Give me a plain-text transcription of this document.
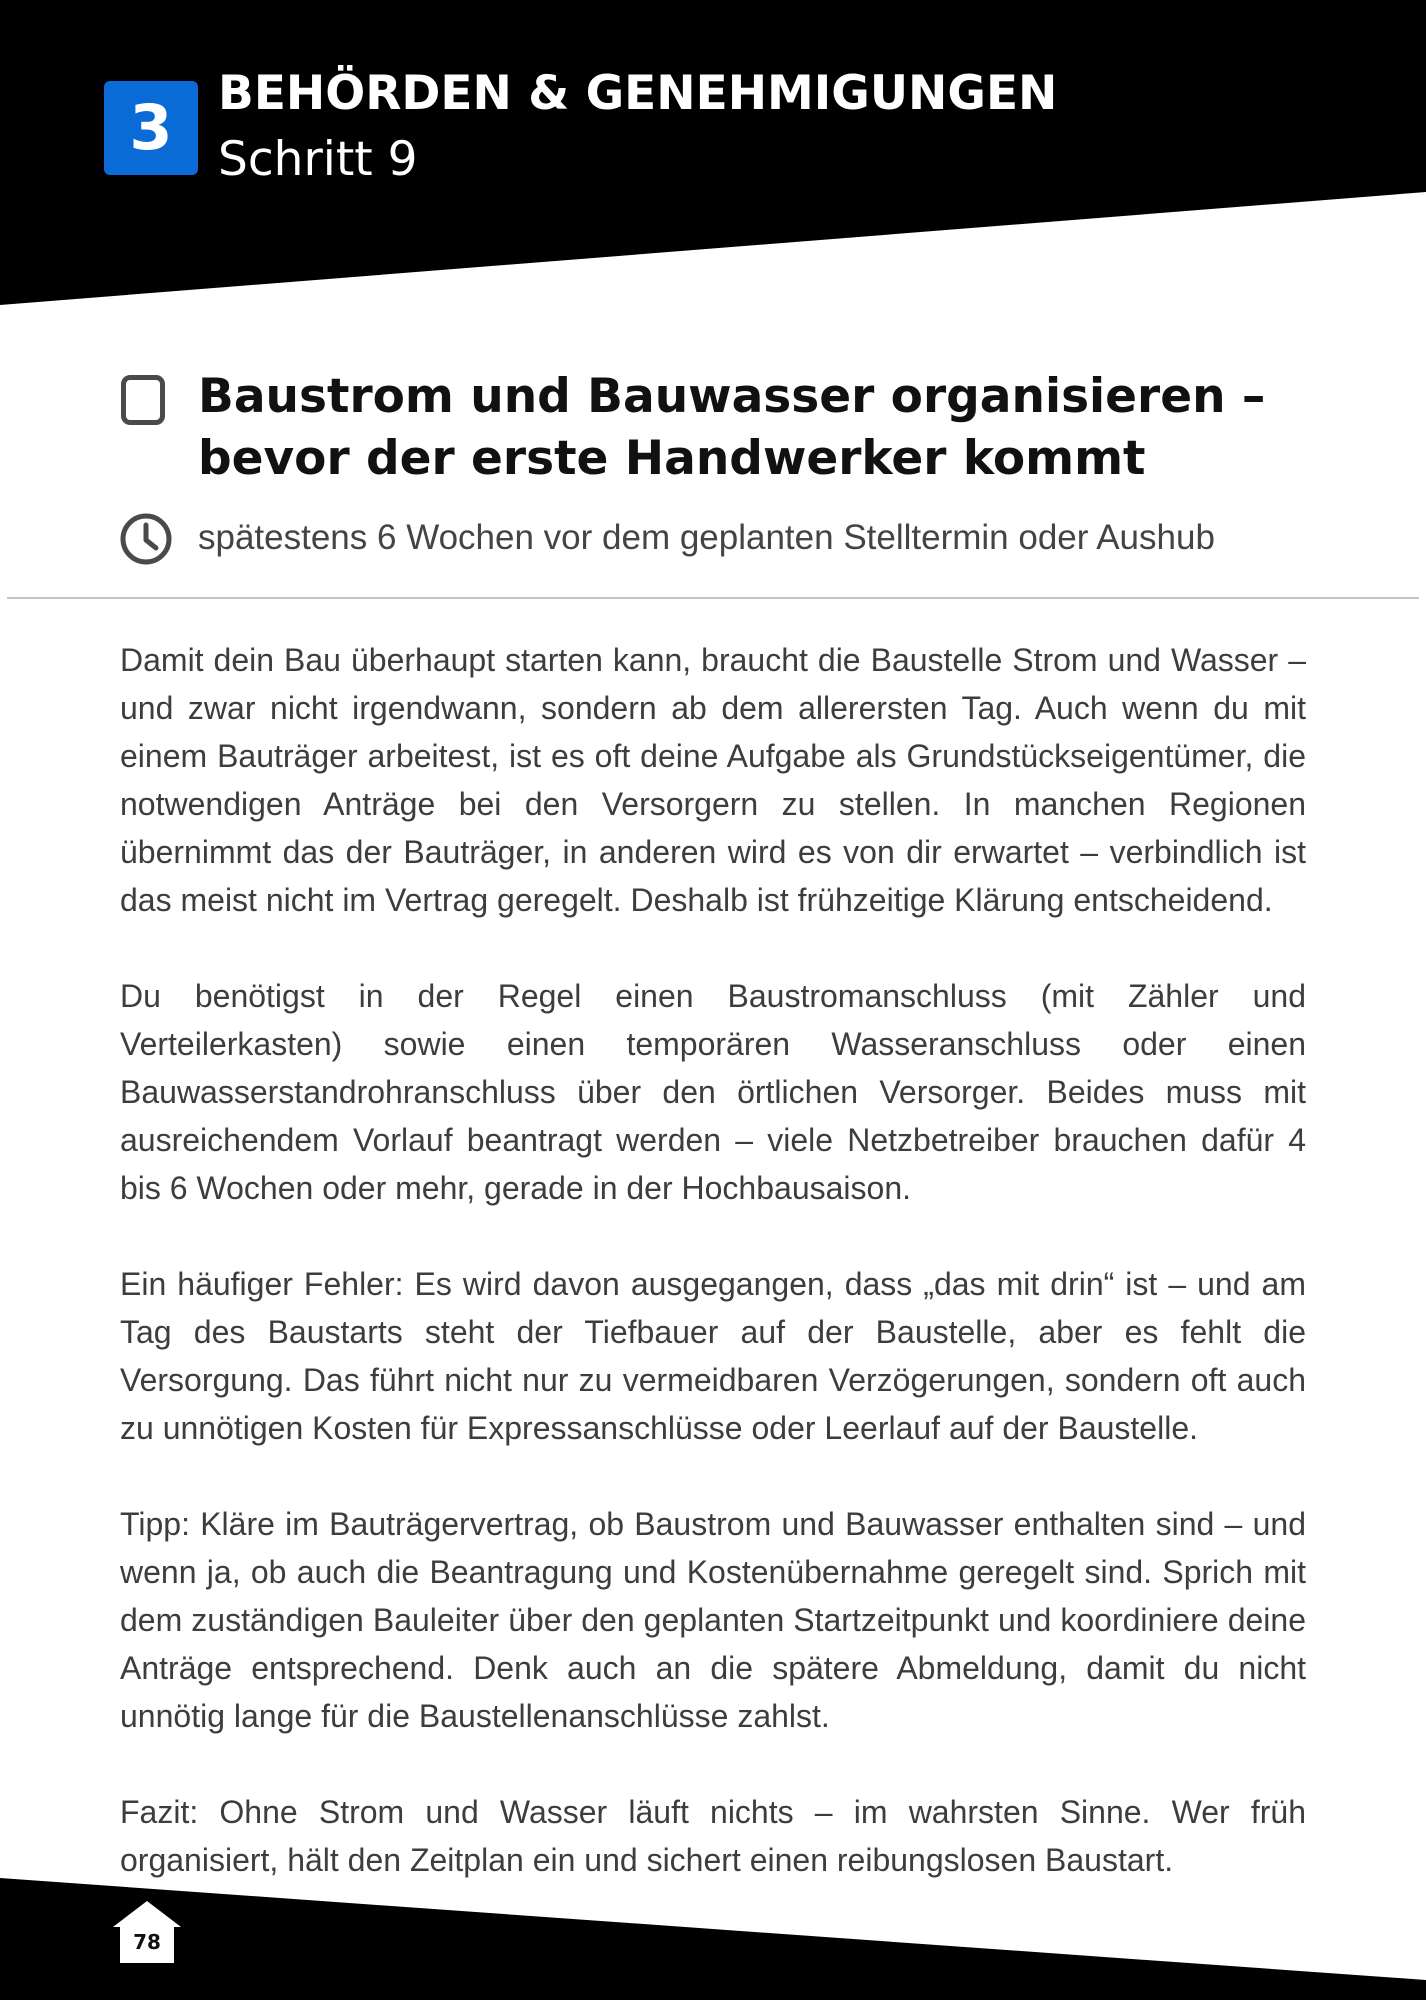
3 BEHÖRDEN & GENEHMIGUNGEN
Schritt 9
Baustrom und Bauwasser organisieren – bevor der erste Handwerker kommt
spätestens 6 Wochen vor dem geplanten Stelltermin oder Aushub

Damit dein Bau überhaupt starten kann, braucht die Baustelle Strom und Wasser – und zwar nicht irgendwann, sondern ab dem allerersten Tag. Auch wenn du mit einem Bauträger arbeitest, ist es oft deine Aufgabe als Grundstückseigentümer, die notwendigen Anträge bei den Versorgern zu stellen. In manchen Regionen übernimmt das der Bauträger, in anderen wird es von dir erwartet – verbindlich ist das meist nicht im Vertrag geregelt. Deshalb ist frühzeitige Klärung entscheidend.

Du benötigst in der Regel einen Baustromanschluss (mit Zähler und Verteilerkasten) sowie einen temporären Wasseranschluss oder einen Bauwasserstandrohranschluss über den örtlichen Versorger. Beides muss mit ausreichendem Vorlauf beantragt werden – viele Netzbetreiber brauchen dafür 4 bis 6 Wochen oder mehr, gerade in der Hochbausaison.

Ein häufiger Fehler: Es wird davon ausgegangen, dass „das mit drin“ ist – und am Tag des Baustarts steht der Tiefbauer auf der Baustelle, aber es fehlt die Versorgung. Das führt nicht nur zu vermeidbaren Verzögerungen, sondern oft auch zu unnötigen Kosten für Expressanschlüsse oder Leerlauf auf der Baustelle.

Tipp: Kläre im Bauträgervertrag, ob Baustrom und Bauwasser enthalten sind – und wenn ja, ob auch die Beantragung und Kostenübernahme geregelt sind. Sprich mit dem zuständigen Bauleiter über den geplanten Startzeitpunkt und koordiniere deine Anträge entsprechend. Denk auch an die spätere Abmeldung, damit du nicht unnötig lange für die Baustellenanschlüsse zahlst.

Fazit: Ohne Strom und Wasser läuft nichts – im wahrsten Sinne. Wer früh organisiert, hält den Zeitplan ein und sichert einen reibungslosen Baustart.

78
